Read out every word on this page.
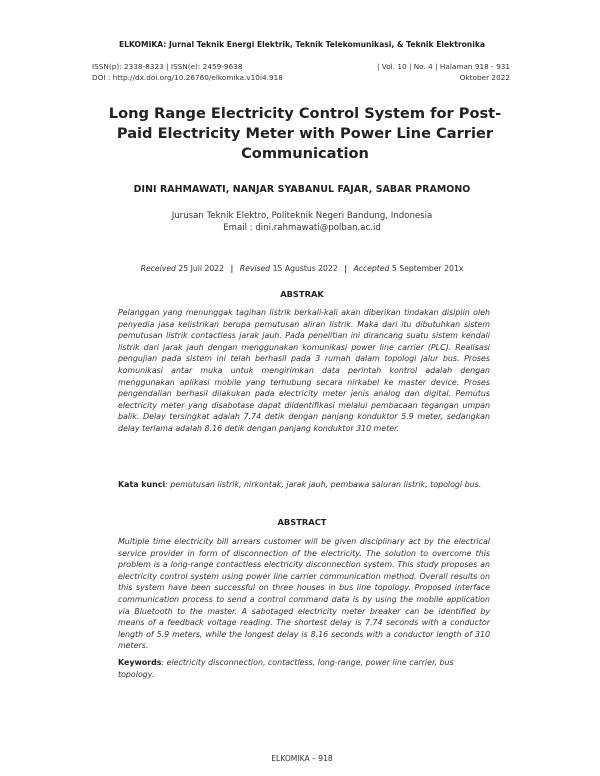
ELKOMIKA: Jurnal Teknik Energi Elektrik, Teknik Telekomunikasi, & Teknik Elektronika
ISSN(p): 2338-8323 | ISSN(e): 2459-9638	| Vol. 10 | No. 4 | Halaman 918 - 931
DOI : http://dx.doi.org/10.26760/elkomika.v10i4.918	Oktober 2022
Long Range Electricity Control System for Post-Paid Electricity Meter with Power Line Carrier Communication
DINI RAHMAWATI, NANJAR SYABANUL FAJAR, SABAR PRAMONO
Jurusan Teknik Elektro, Politeknik Negeri Bandung, Indonesia
Email : dini.rahmawati@polban.ac.id
Received 25 Juli 2022 | Revised 15 Agustus 2022 | Accepted 5 September 201x
ABSTRAK
Pelanggan yang menunggak tagihan listrik berkali-kali akan diberikan tindakan disiplin oleh penyedia jasa kelistrikan berupa pemutusan aliran listrik. Maka dari itu dibutuhkan sistem pemutusan listrik contactless jarak jauh. Pada penelitian ini dirancang suatu sistem kendali listrik dari jarak jauh dengan menggunakan komunikasi power line carrier (PLC). Realisasi pengujian pada sistem ini telah berhasil pada 3 rumah dalam topologi jalur bus. Proses komunikasi antar muka untuk mengirimkan data perintah kontrol adalah dengan menggunakan aplikasi mobile yang terhubung secara nirkabel ke master device. Proses pengendalian berhasil dilakukan pada electricity meter jenis analog dan digital. Pemutus electricity meter yang disabotase dapat diidentifikasi melalui pembacaan tegangan umpan balik. Delay tersingkat adalah 7.74 detik dengan panjang konduktor 5.9 meter, sedangkan delay terlama adalah 8.16 detik dengan panjang konduktor 310 meter.
Kata kunci: pemutusan listrik, nirkontak, jarak jauh, pembawa saluran listrik, topologi bus.
ABSTRACT
Multiple time electricity bill arrears customer will be given disciplinary act by the electrical service provider in form of disconnection of the electricity. The solution to overcome this problem is a long-range contactless electricity disconnection system. This study proposes an electricity control system using power line carrier communication method. Overall results on this system have been successful on three houses in bus line topology. Proposed interface communication process to send a control command data is by using the mobile application via Bluetooth to the master. A sabotaged electricity meter breaker can be identified by means of a feedback voltage reading. The shortest delay is 7.74 seconds with a conductor length of 5.9 meters, while the longest delay is 8.16 seconds with a conductor length of 310 meters.
Keywords: electricity disconnection, contactless, long-range, power line carrier, bus topology.
ELKOMIKA – 918
